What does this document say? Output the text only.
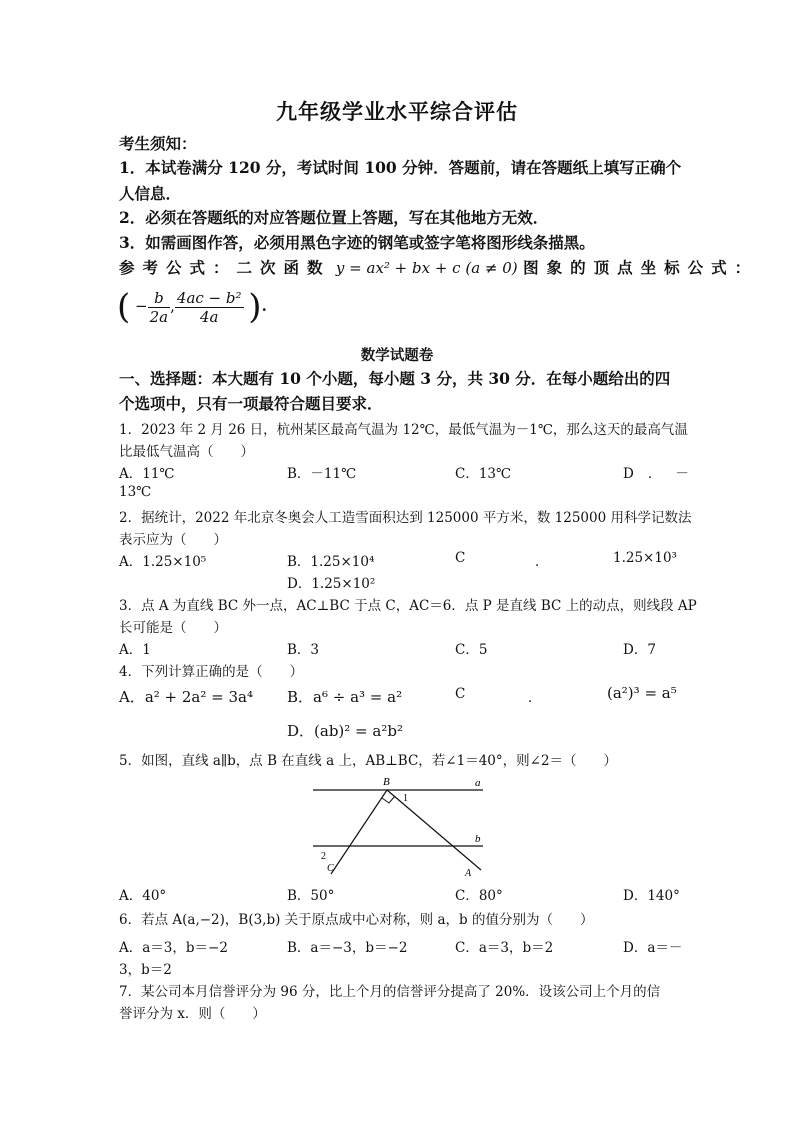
九年级学业水平综合评估
考生须知：
1．本试卷满分 120 分，考试时间 100 分钟．答题前，请在答题纸上填写正确个
人信息．
2．必须在答题纸的对应答题位置上答题，写在其他地方无效．
3．如需画图作答，必须用黑色字迹的钢笔或签字笔将图形线条描黑。
参考公式：二次函数 y = ax² + bx + c (a ≠ 0) 图象的顶点坐标公式：
( − $\frac{b}{2a}$ , $\frac{\text{4ac − b²}}{4a}$ ).
数学试题卷
一、选择题：本大题有 10 个小题，每小题 3 分，共 30 分．在每小题给出的四
个选项中，只有一项最符合题目要求．
1．2023 年 2 月 26 日，杭州某区最高气温为 12℃，最低气温为－1℃，那么这天的最高气温
比最低气温高（　　）
A．11℃	B．－11℃	C．13℃	D．－
13℃
2．据统计，2022 年北京冬奥会人工造雪面积达到 125000 平方米，数 125000 用科学记数法
表示应为（　　）
A．1.25×10⁵	B．1.25×10⁴	C	．	1.25×10³
D．1.25×10²
3．点 A 为直线 BC 外一点，AC⊥BC 于点 C，AC＝6．点 P 是直线 BC 上的动点，则线段 AP
长可能是（　　）
A．1	B．3	C．5	D．7
4．下列计算正确的是（　　）
A．a² + 2a² = 3a⁴ B．a⁶ ÷ a³ = a²	C	．	(a²)³ = a⁵
D．(ab)² = a²b²
5．如图，直线 a∥b，点 B 在直线 a 上，AB⊥BC，若∠1＝40°，则∠2＝（　　）
B	a
b
1
2
C	A
A．40°	B．50°	C．80°	D．140°
6．若点 A(a,−2)，B(3,b) 关于原点成中心对称，则 a，b 的值分别为（　　）
A．a＝3，b＝−2	B．a＝−3，b＝−2	C．a＝3，b＝2	D．a＝－
3，b＝2
7．某公司本月信誉评分为 96 分，比上个月的信誉评分提高了 20%．设该公司上个月的信
誉评分为 x．则（　　）
